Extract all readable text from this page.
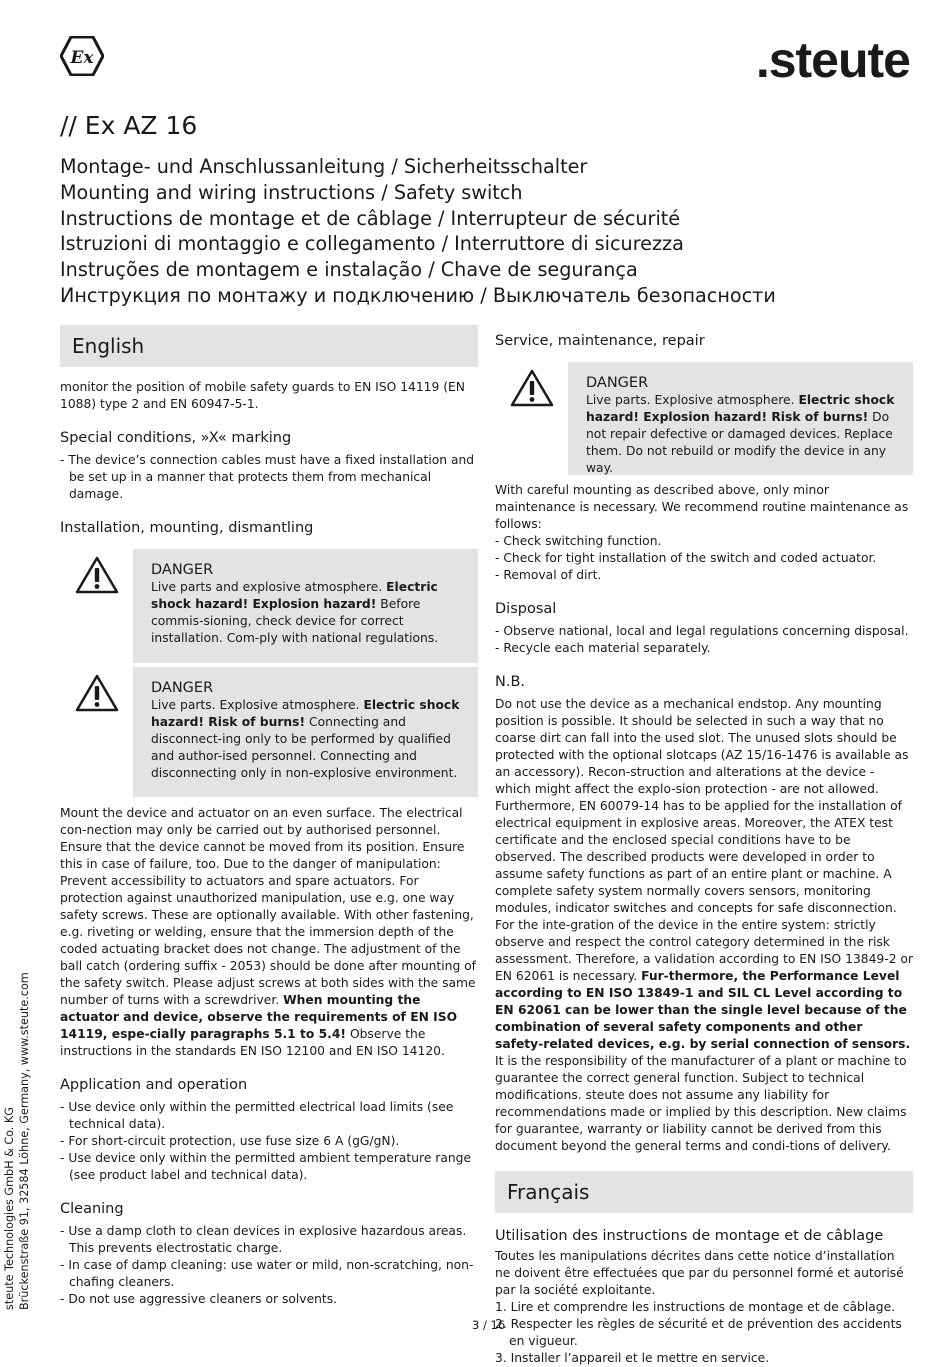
Ex	.steute
// Ex AZ 16
Montage- und Anschlussanleitung / Sicherheitsschalter
Mounting and wiring instructions / Safety switch
Instructions de montage et de câblage / Interrupteur de sécurité
Istruzioni di montaggio e collegamento / Interruttore di sicurezza
Instruções de montagem e instalação / Chave de segurança
Инструкция по монтажу и подключению / Выключатель безопасности
English
monitor the position of mobile safety guards to EN ISO 14119 (EN 1088) type 2 and EN 60947-5-1.
Special conditions, »X« marking
- The device’s connection cables must have a fixed installation and be set up in a manner that protects them from mechanical damage.
Installation, mounting, dismantling
DANGER
Live parts and explosive atmosphere. Electric shock hazard! Explosion hazard! Before commis-sioning, check device for correct installation. Com-ply with national regulations.
DANGER
Live parts. Explosive atmosphere. Electric shock hazard! Risk of burns! Connecting and disconnect-ing only to be performed by qualified and author-ised personnel. Connecting and disconnecting only in non-explosive environment.
Mount the device and actuator on an even surface. The electrical con-nection may only be carried out by authorised personnel. Ensure that the device cannot be moved from its position. Ensure this in case of failure, too. Due to the danger of manipulation: Prevent accessibility to actuators and spare actuators. For protection against unauthorized manipulation, use e.g. one way safety screws. These are optionally available. With other fastening, e.g. riveting or welding, ensure that the immersion depth of the coded actuating bracket does not change. The adjustment of the ball catch (ordering suffix - 2053) should be done after mounting of the safety switch. Please adjust screws at both sides with the same number of turns with a screwdriver. When mounting the actuator and device, observe the requirements of EN ISO 14119, espe-cially paragraphs 5.1 to 5.4! Observe the instructions in the standards EN ISO 12100 and EN ISO 14120.
Application and operation
- Use device only within the permitted electrical load limits (see technical data).
- For short-circuit protection, use fuse size 6 A (gG/gN).
- Use device only within the permitted ambient temperature range (see product label and technical data).
Cleaning
- Use a damp cloth to clean devices in explosive hazardous areas. This prevents electrostatic charge.
- In case of damp cleaning: use water or mild, non-scratching, non-chafing cleaners.
- Do not use aggressive cleaners or solvents.
Service, maintenance, repair
DANGER
Live parts. Explosive atmosphere. Electric shock hazard! Explosion hazard! Risk of burns! Do not repair defective or damaged devices. Replace them. Do not rebuild or modify the device in any way.
With careful mounting as described above, only minor maintenance is necessary. We recommend routine maintenance as follows:
- Check switching function.
- Check for tight installation of the switch and coded actuator.
- Removal of dirt.
Disposal
- Observe national, local and legal regulations concerning disposal.
- Recycle each material separately.
N.B.
Do not use the device as a mechanical endstop. Any mounting position is possible. It should be selected in such a way that no coarse dirt can fall into the used slot. The unused slots should be protected with the optional slotcaps (AZ 15/16-1476 is available as an accessory). Recon-struction and alterations at the device - which might affect the explo-sion protection - are not allowed. Furthermore, EN 60079-14 has to be applied for the installation of electrical equipment in explosive areas. Moreover, the ATEX test certificate and the enclosed special conditions have to be observed. The described products were developed in order to assume safety functions as part of an entire plant or machine. A complete safety system normally covers sensors, monitoring modules, indicator switches and concepts for safe disconnection. For the inte-gration of the device in the entire system: strictly observe and respect the control category determined in the risk assessment. Therefore, a validation according to EN ISO 13849-2 or EN 62061 is necessary. Fur-thermore, the Performance Level according to EN ISO 13849-1 and SIL CL Level according to EN 62061 can be lower than the single level because of the combination of several safety components and other safety-related devices, e.g. by serial connection of sensors. It is the responsibility of the manufacturer of a plant or machine to guarantee the correct general function. Subject to technical modifications. steute does not assume any liability for recommendations made or implied by this description. New claims for guarantee, warranty or liability cannot be derived from this document beyond the general terms and condi-tions of delivery.
Français
Utilisation des instructions de montage et de câblage
Toutes les manipulations décrites dans cette notice d’installation ne doivent être effectuées que par du personnel formé et autorisé par la société exploitante.
1. Lire et comprendre les instructions de montage et de câblage.
2. Respecter les règles de sécurité et de prévention des accidents en vigueur.
3. Installer l’appareil et le mettre en service.
steute Technologies GmbH & Co. KG Brückenstraße 91, 32584 Löhne, Germany, www.steute.com
3 / 16
